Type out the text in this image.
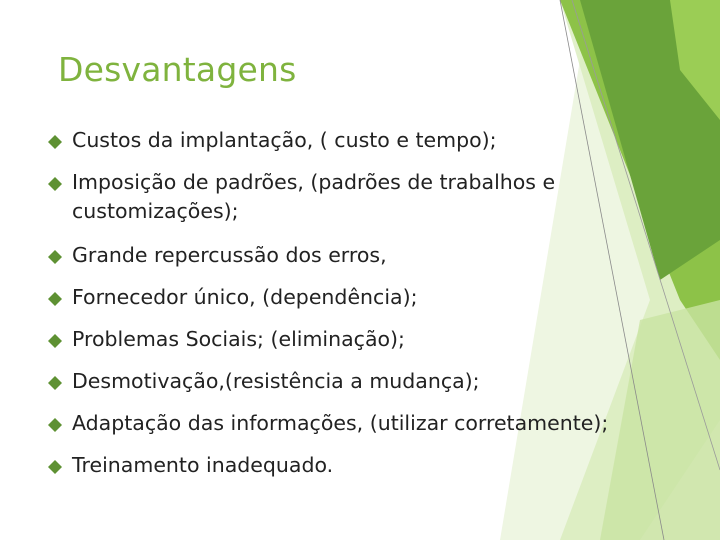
Desvantagens
Custos da implantação, ( custo e tempo);
Imposição de padrões, (padrões de trabalhos e
customizações);
Grande repercussão dos erros,
Fornecedor único, (dependência);
Problemas Sociais; (eliminação);
Desmotivação,(resistência a mudança);
Adaptação das informações, (utilizar corretamente);
Treinamento inadequado.
